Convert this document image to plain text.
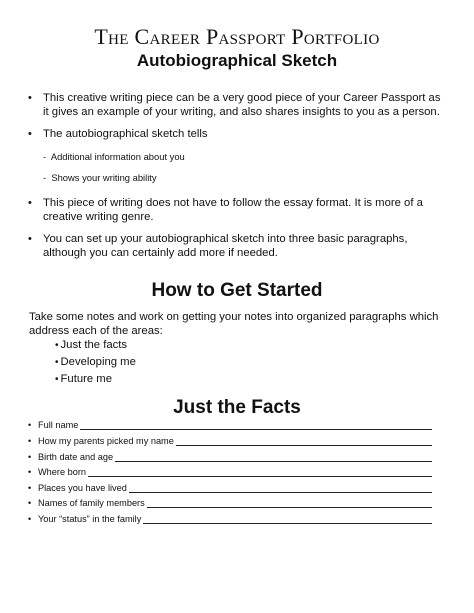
The Career Passport Portfolio
Autobiographical Sketch
• This creative writing piece can be a very good piece of your Career Passport as it gives an example of your writing, and also shares insights to you as a person.
• The autobiographical sketch tells
- Additional information about you
- Shows your writing ability
• This piece of writing does not have to follow the essay format. It is more of a creative writing genre.
• You can set up your autobiographical sketch into three basic paragraphs, although you can certainly add more if needed.
How to Get Started

Take some notes and work on getting your notes into organized paragraphs which address each of the areas:

• Just the facts
• Developing me
• Future me
Just the Facts
• Full name
• How my parents picked my name
• Birth date and age
• Where born
• Places you have lived
• Names of family members
• Your “status” in the family
